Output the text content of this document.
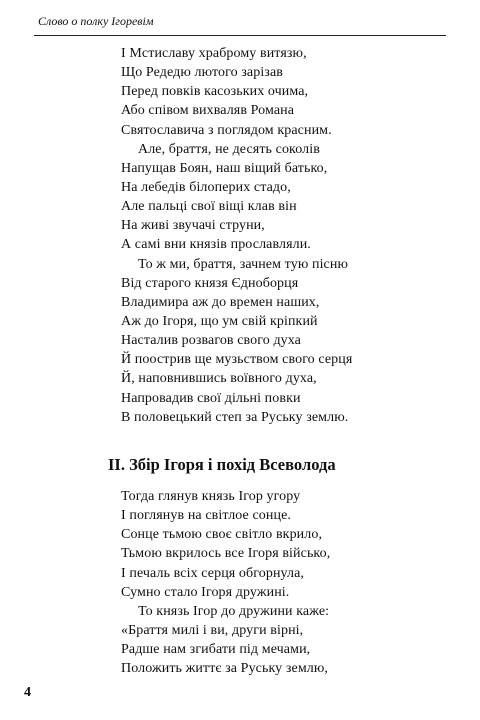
Слово о полку Ігоревім
І Мстиславу храброму витязю,
Що Редедю лютого зарізав
Перед повків касозьких очима,
Або співом вихваляв Романа
Святославича з поглядом красним.
Але, браття, не десять соколів
Напущав Боян, наш віщий батько,
На лебедів білоперих стадо,
Але пальці свої віщі клав він
На живі звучачі струни,
А самі вни князів прославляли.
То ж ми, браття, зачнем тую пісню
Від старого князя Єдноборця
Владимира аж до времен наших,
Аж до Ігоря, що ум свій кріпкий
Насталив розвагов свого духа
Й поострив ще музьством свого серця
Й, наповнившись воївного духа,
Напровадив свої дільні повки
В половецький степ за Руську землю.
II. Збір Ігоря і похід Всеволода
Тогда глянув князь Ігор угору
І поглянув на світлое сонце.
Сонце тьмою своє світло вкрило,
Тьмою вкрилось все Ігоря військо,
І печаль всіх серця обгорнула,
Сумно стало Ігоря дружині.
То князь Ігор до дружини каже:
«Браття милі і ви, други вірні,
Радше нам згибати під мечами,
Положить життє за Руську землю,
4
